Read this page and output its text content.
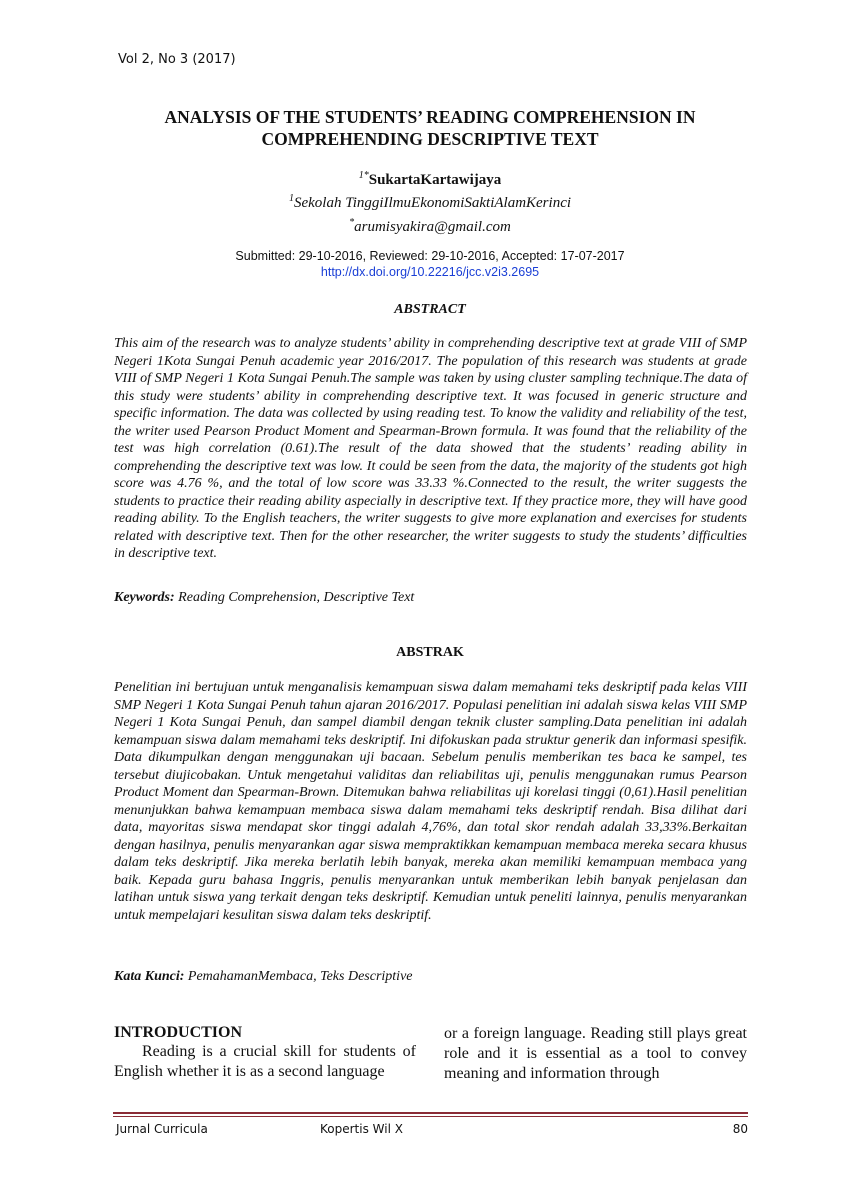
Vol 2, No 3 (2017)
ANALYSIS OF THE STUDENTS’ READING COMPREHENSION IN
COMPREHENDING DESCRIPTIVE TEXT
$^{1*}$SukartaKartawijaya
$^1$Sekolah TinggiIlmuEkonomiSaktiAlamKerinci
*arumisyakira@gmail.com
Submitted: 29-10-2016, Reviewed: 29-10-2016, Accepted: 17-07-2017
http://dx.doi.org/10.22216/jcc.v2i3.2695
ABSTRACT
This aim of the research was to analyze students’ ability in comprehending descriptive text at grade VIII of SMP Negeri 1Kota Sungai Penuh academic year 2016/2017. The population of this research was students at grade VIII of SMP Negeri 1 Kota Sungai Penuh.The sample was taken by using cluster sampling technique.The data of this study were students’ ability in comprehending descriptive text. It was focused in generic structure and specific information. The data was collected by using reading test. To know the validity and reliability of the test, the writer used Pearson Product Moment and Spearman-Brown formula. It was found that the reliability of the test was high correlation (0.61).The result of the data showed that the students’ reading ability in comprehending the descriptive text was low. It could be seen from the data, the majority of the students got high score was 4.76 %, and the total of low score was 33.33 %.Connected to the result, the writer suggests the students to practice their reading ability aspecially in descriptive text. If they practice more, they will have good reading ability. To the English teachers, the writer suggests to give more explanation and exercises for students related with descriptive text. Then for the other researcher, the writer suggests to study the students’ difficulties in descriptive text.
Keywords: Reading Comprehension, Descriptive Text
ABSTRAK
Penelitian ini bertujuan untuk menganalisis kemampuan siswa dalam memahami teks deskriptif pada kelas VIII SMP Negeri 1 Kota Sungai Penuh tahun ajaran 2016/2017. Populasi penelitian ini adalah siswa kelas VIII SMP Negeri 1 Kota Sungai Penuh, dan sampel diambil dengan teknik cluster sampling.Data penelitian ini adalah kemampuan siswa dalam memahami teks deskriptif. Ini difokuskan pada struktur generik dan informasi spesifik. Data dikumpulkan dengan menggunakan uji bacaan. Sebelum penulis memberikan tes baca ke sampel, tes tersebut diujicobakan. Untuk mengetahui validitas dan reliabilitas uji, penulis menggunakan rumus Pearson Product Moment dan Spearman-Brown. Ditemukan bahwa reliabilitas uji korelasi tinggi (0,61).Hasil penelitian menunjukkan bahwa kemampuan membaca siswa dalam memahami teks deskriptif rendah. Bisa dilihat dari data, mayoritas siswa mendapat skor tinggi adalah 4,76%, dan total skor rendah adalah 33,33%.Berkaitan dengan hasilnya, penulis menyarankan agar siswa mempraktikkan kemampuan membaca mereka secara khusus dalam teks deskriptif. Jika mereka berlatih lebih banyak, mereka akan memiliki kemampuan membaca yang baik. Kepada guru bahasa Inggris, penulis menyarankan untuk memberikan lebih banyak penjelasan dan latihan untuk siswa yang terkait dengan teks deskriptif. Kemudian untuk peneliti lainnya, penulis menyarankan untuk mempelajari kesulitan siswa dalam teks deskriptif.
Kata Kunci: PemahamanMembaca, Teks Descriptive
INTRODUCTION
Reading is a crucial skill for students of English whether it is as a second language
or a foreign language. Reading still plays great role and it is essential as a tool to convey meaning and information through
Jurnal Curricula	Kopertis Wil X	80
